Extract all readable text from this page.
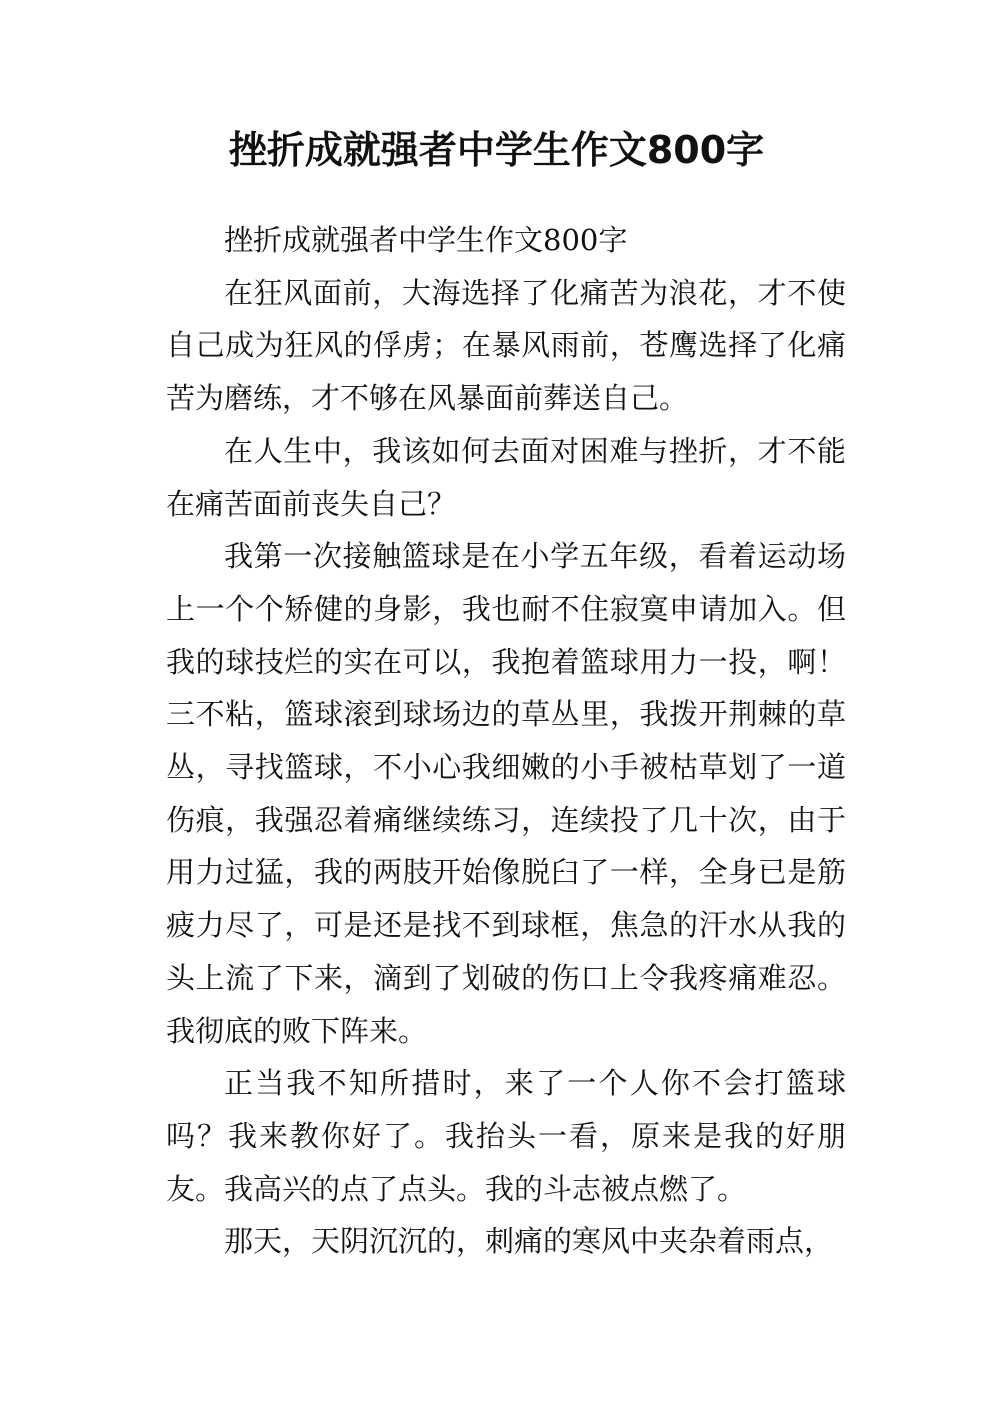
挫折成就强者中学生作文800字

挫折成就强者中学生作文800字

在狂风面前，大海选择了化痛苦为浪花，才不使自己成为狂风的俘虏；在暴风雨前，苍鹰选择了化痛苦为磨练，才不够在风暴面前葬送自己。

在人生中，我该如何去面对困难与挫折，才不能在痛苦面前丧失自己？

我第一次接触篮球是在小学五年级，看着运动场上一个个矫健的身影，我也耐不住寂寞申请加入。但我的球技烂的实在可以，我抱着篮球用力一投，啊！三不粘，篮球滚到球场边的草丛里，我拨开荆棘的草丛，寻找篮球，不小心我细嫩的小手被枯草划了一道伤痕，我强忍着痛继续练习，连续投了几十次，由于用力过猛，我的两肢开始像脱臼了一样，全身已是筋疲力尽了，可是还是找不到球框，焦急的汗水从我的头上流了下来，滴到了划破的伤口上令我疼痛难忍。我彻底的败下阵来。

正当我不知所措时，来了一个人你不会打篮球吗？我来教你好了。我抬头一看，原来是我的好朋友。我高兴的点了点头。我的斗志被点燃了。

那天，天阴沉沉的，刺痛的寒风中夹杂着雨点，
